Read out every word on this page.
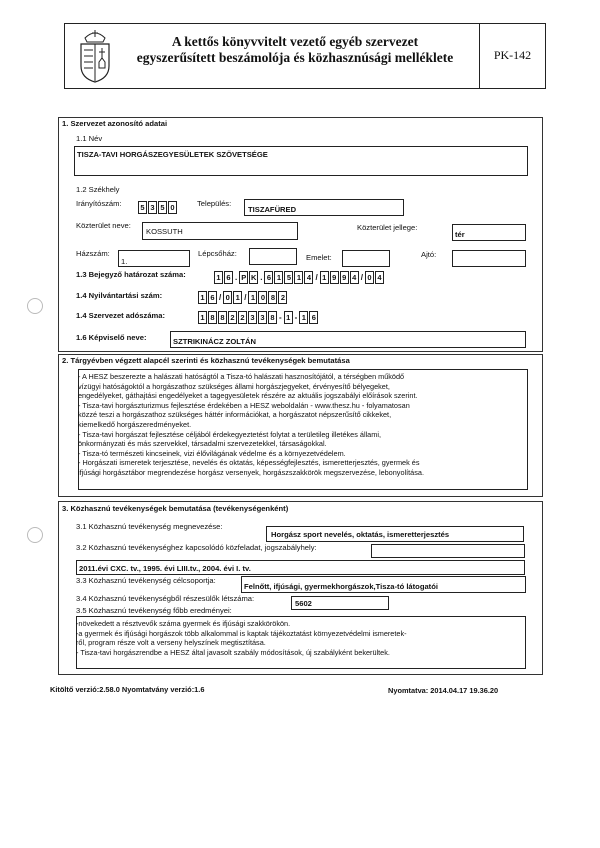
A kettős könyvvitelt vezető egyéb szervezet
egyszerűsített beszámolója és közhasznúsági melléklete	PK-142
1. Szervezet azonosító adatai
1.1 Név
TISZA-TAVI HORGÁSZEGYESÜLETEK SZÖVETSÉGE
1.2 Székhely
Irányítószám:	5 3 5 0	Település:
TISZAFÜRED
Közterület neve:
KOSSUTH	Közterület jellege:
tér
Házszám:
1.
Lépcsőház:	Emelet:	Ajtó:
1.3 Bejegyző határozat száma:	1 6 . P K . 6 1 5 1 4 / 1 9 9 4 / 0 4
1.4 Nyilvántartási szám:	1 6 / 0 1 / 1 0 8 2
1.4 Szervezet adószáma:	1 8 8 2 2 3 3 8 - 1 - 1 6
1.6 Képviselő neve:	SZTRIKINÁCZ ZOLTÁN
2. Tárgyévben végzett alapcél szerinti és közhasznú tevékenységek bemutatása
- A HESZ beszerezte a halászati hatóságtól a Tisza-tó halászati hasznosítójától, a térségben működő
vízügyi hatóságoktól a horgászathoz szükséges állami horgászjegyeket, érvényesítő bélyegeket,
engedélyeket, gáthajtási engedélyeket a tagegyesületek részére az aktuális jogszabályi előírások szerint.
- Tisza-tavi horgászturizmus fejlesztése érdekében a HESZ weboldalán - www.thesz.hu - folyamatosan
közzé teszi a horgászathoz szükséges háttér információkat, a horgászatot népszerűsítő cikkeket,
kiemelkedő horgászeredményeket.
- Tisza-tavi horgászat fejlesztése céljából érdekegyeztetést folytat a területileg illetékes állami,
önkormányzati és más szervekkel, társadalmi szervezetekkel, társaságokkal.
- Tisza-tó természeti kincseinek, vizi élővilágának védelme és a környezetvédelem.
- Horgászati ismeretek terjesztése, nevelés és oktatás, képességfejlesztés, ismeretterjesztés, gyermek és
ifjúsági horgásztábor megrendezése horgász versenyek, horgászszakkörök megszervezése, lebonyolítása.
3. Közhasznú tevékenységek bemutatása (tevékenységenként)
3.1 Közhasznú tevékenység megnevezése:
Horgász sport nevelés, oktatás, ismeretterjesztés
3.2 Közhasznú tevékenységhez kapcsolódó közfeladat, jogszabályhely:
2011.évi CXC. tv., 1995. évi LIII.tv., 2004. évi I. tv.
3.3 Közhasznú tevékenység célcsoportja:
Felnőtt, ifjúsági, gyermekhorgászok,Tisza-tó látogatói
3.4 Közhasznú tevékenységből részesülők létszáma:
5602
3.5 Közhasznú tevékenység főbb eredményei:
-növekedett a résztvevők száma gyermek és ifjúsági szakkörökön.
-a gyermek és ifjúsági horgászok több alkalommal is kaptak tájékoztatást környezetvédelmi ismeretek-
ről, program része volt a verseny helyszínek megtisztítása.
- Tisza-tavi horgászrendbe a HESZ által javasolt szabály módosítások, új szabályként bekerültek.
Kitöltő verzió:2.58.0 Nyomtatvány verzió:1.6	Nyomtatva: 2014.04.17 19.36.20
